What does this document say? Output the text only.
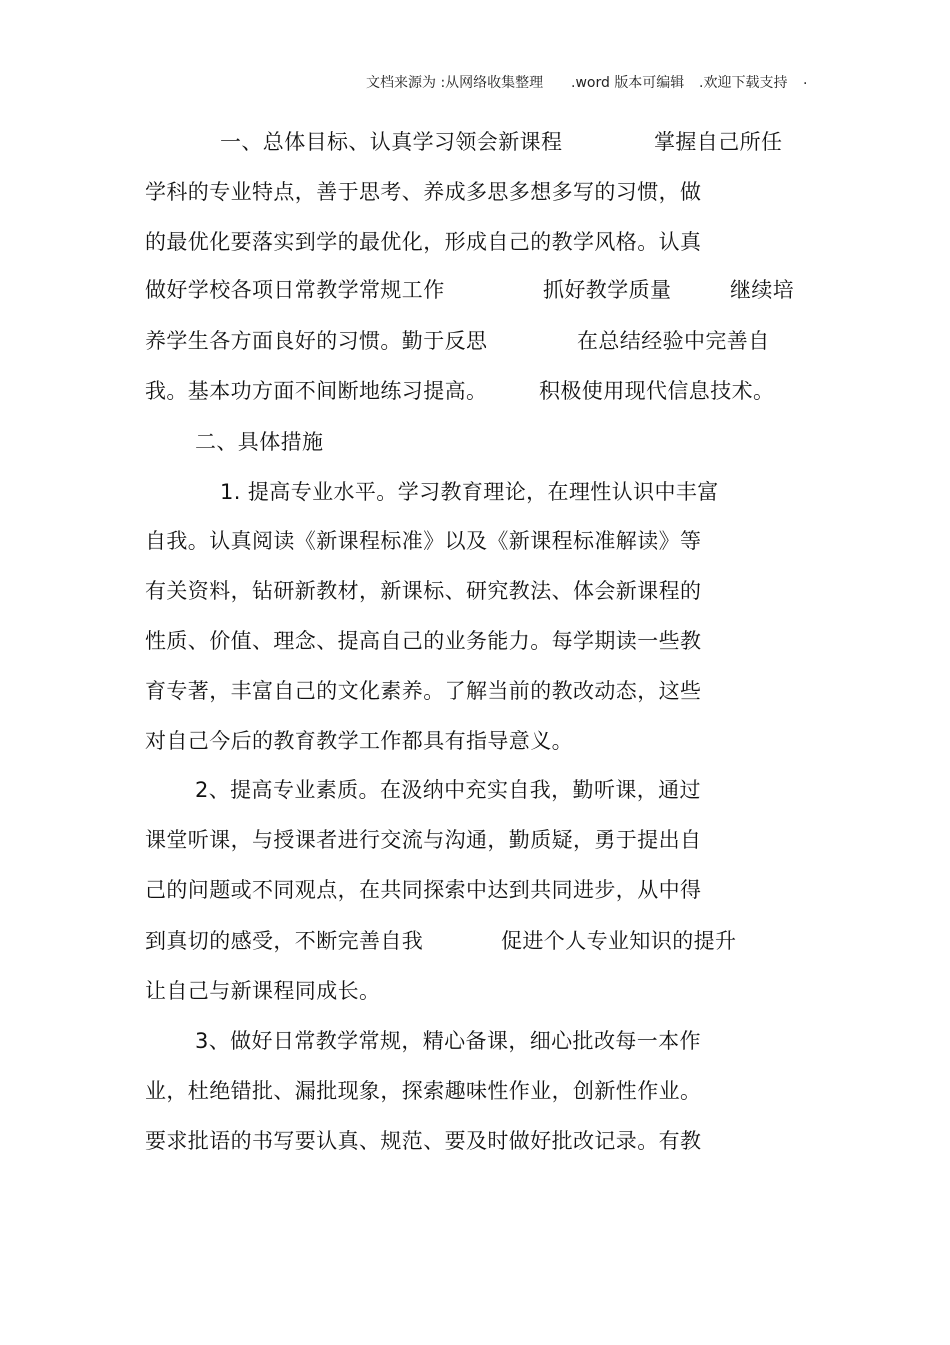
文档来源为 :从网络收集整理

.word 版本可编辑

.欢迎下载支持

.

一、总体目标、认真学习领会新课程	掌握自己所任
学科的专业特点，善于思考、养成多思多想多写的习惯，做
的最优化要落实到学的最优化，形成自己的教学风格。认真
做好学校各项日常教学常规工作	抓好教学质量	继续培
养学生各方面良好的习惯。勤于反思	在总结经验中完善自
我。基本功方面不间断地练习提高。 积极使用现代信息技术。
二、具体措施
1. 提高专业水平。学习教育理论，在理性认识中丰富
自我。认真阅读《新课程标准》以及《新课程标准解读》等
有关资料，钻研新教材，新课标、研究教法、体会新课程的
性质、价值、理念、提高自己的业务能力。每学期读一些教
育专著，丰富自己的文化素养。了解当前的教改动态，这些
对自己今后的教育教学工作都具有指导意义。
2、提高专业素质。在汲纳中充实自我，勤听课，通过
课堂听课，与授课者进行交流与沟通，勤质疑，勇于提出自
己的问题或不同观点，在共同探索中达到共同进步，从中得
到真切的感受，不断完善自我	促进个人专业知识的提升
让自己与新课程同成长。
3、做好日常教学常规，精心备课，细心批改每一本作
业，杜绝错批、漏批现象，探索趣味性作业，创新性作业。
要求批语的书写要认真、规范、要及时做好批改记录。有教
